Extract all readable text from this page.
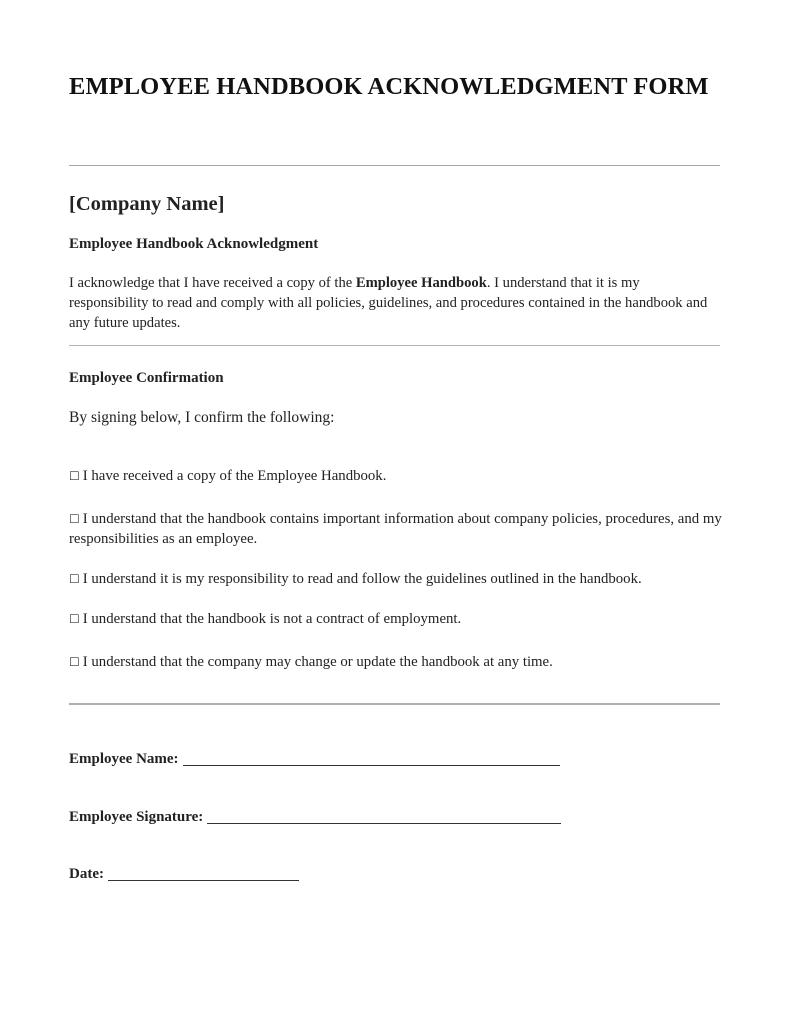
EMPLOYEE HANDBOOK ACKNOWLEDGMENT FORM
[Company Name]
Employee Handbook Acknowledgment

I acknowledge that I have received a copy of the Employee Handbook. I understand that it is my responsibility to read and comply with all policies, guidelines, and procedures contained in the handbook and any future updates.

Employee Confirmation

By signing below, I confirm the following:

☐ I have received a copy of the Employee Handbook.
☐ I understand that the handbook contains important information about company policies, procedures, and my responsibilities as an employee.
☐ I understand it is my responsibility to read and follow the guidelines outlined in the handbook.
☐ I understand that the handbook is not a contract of employment.
☐ I understand that the company may change or update the handbook at any time.
Employee Name:
Employee Signature:
Date:
